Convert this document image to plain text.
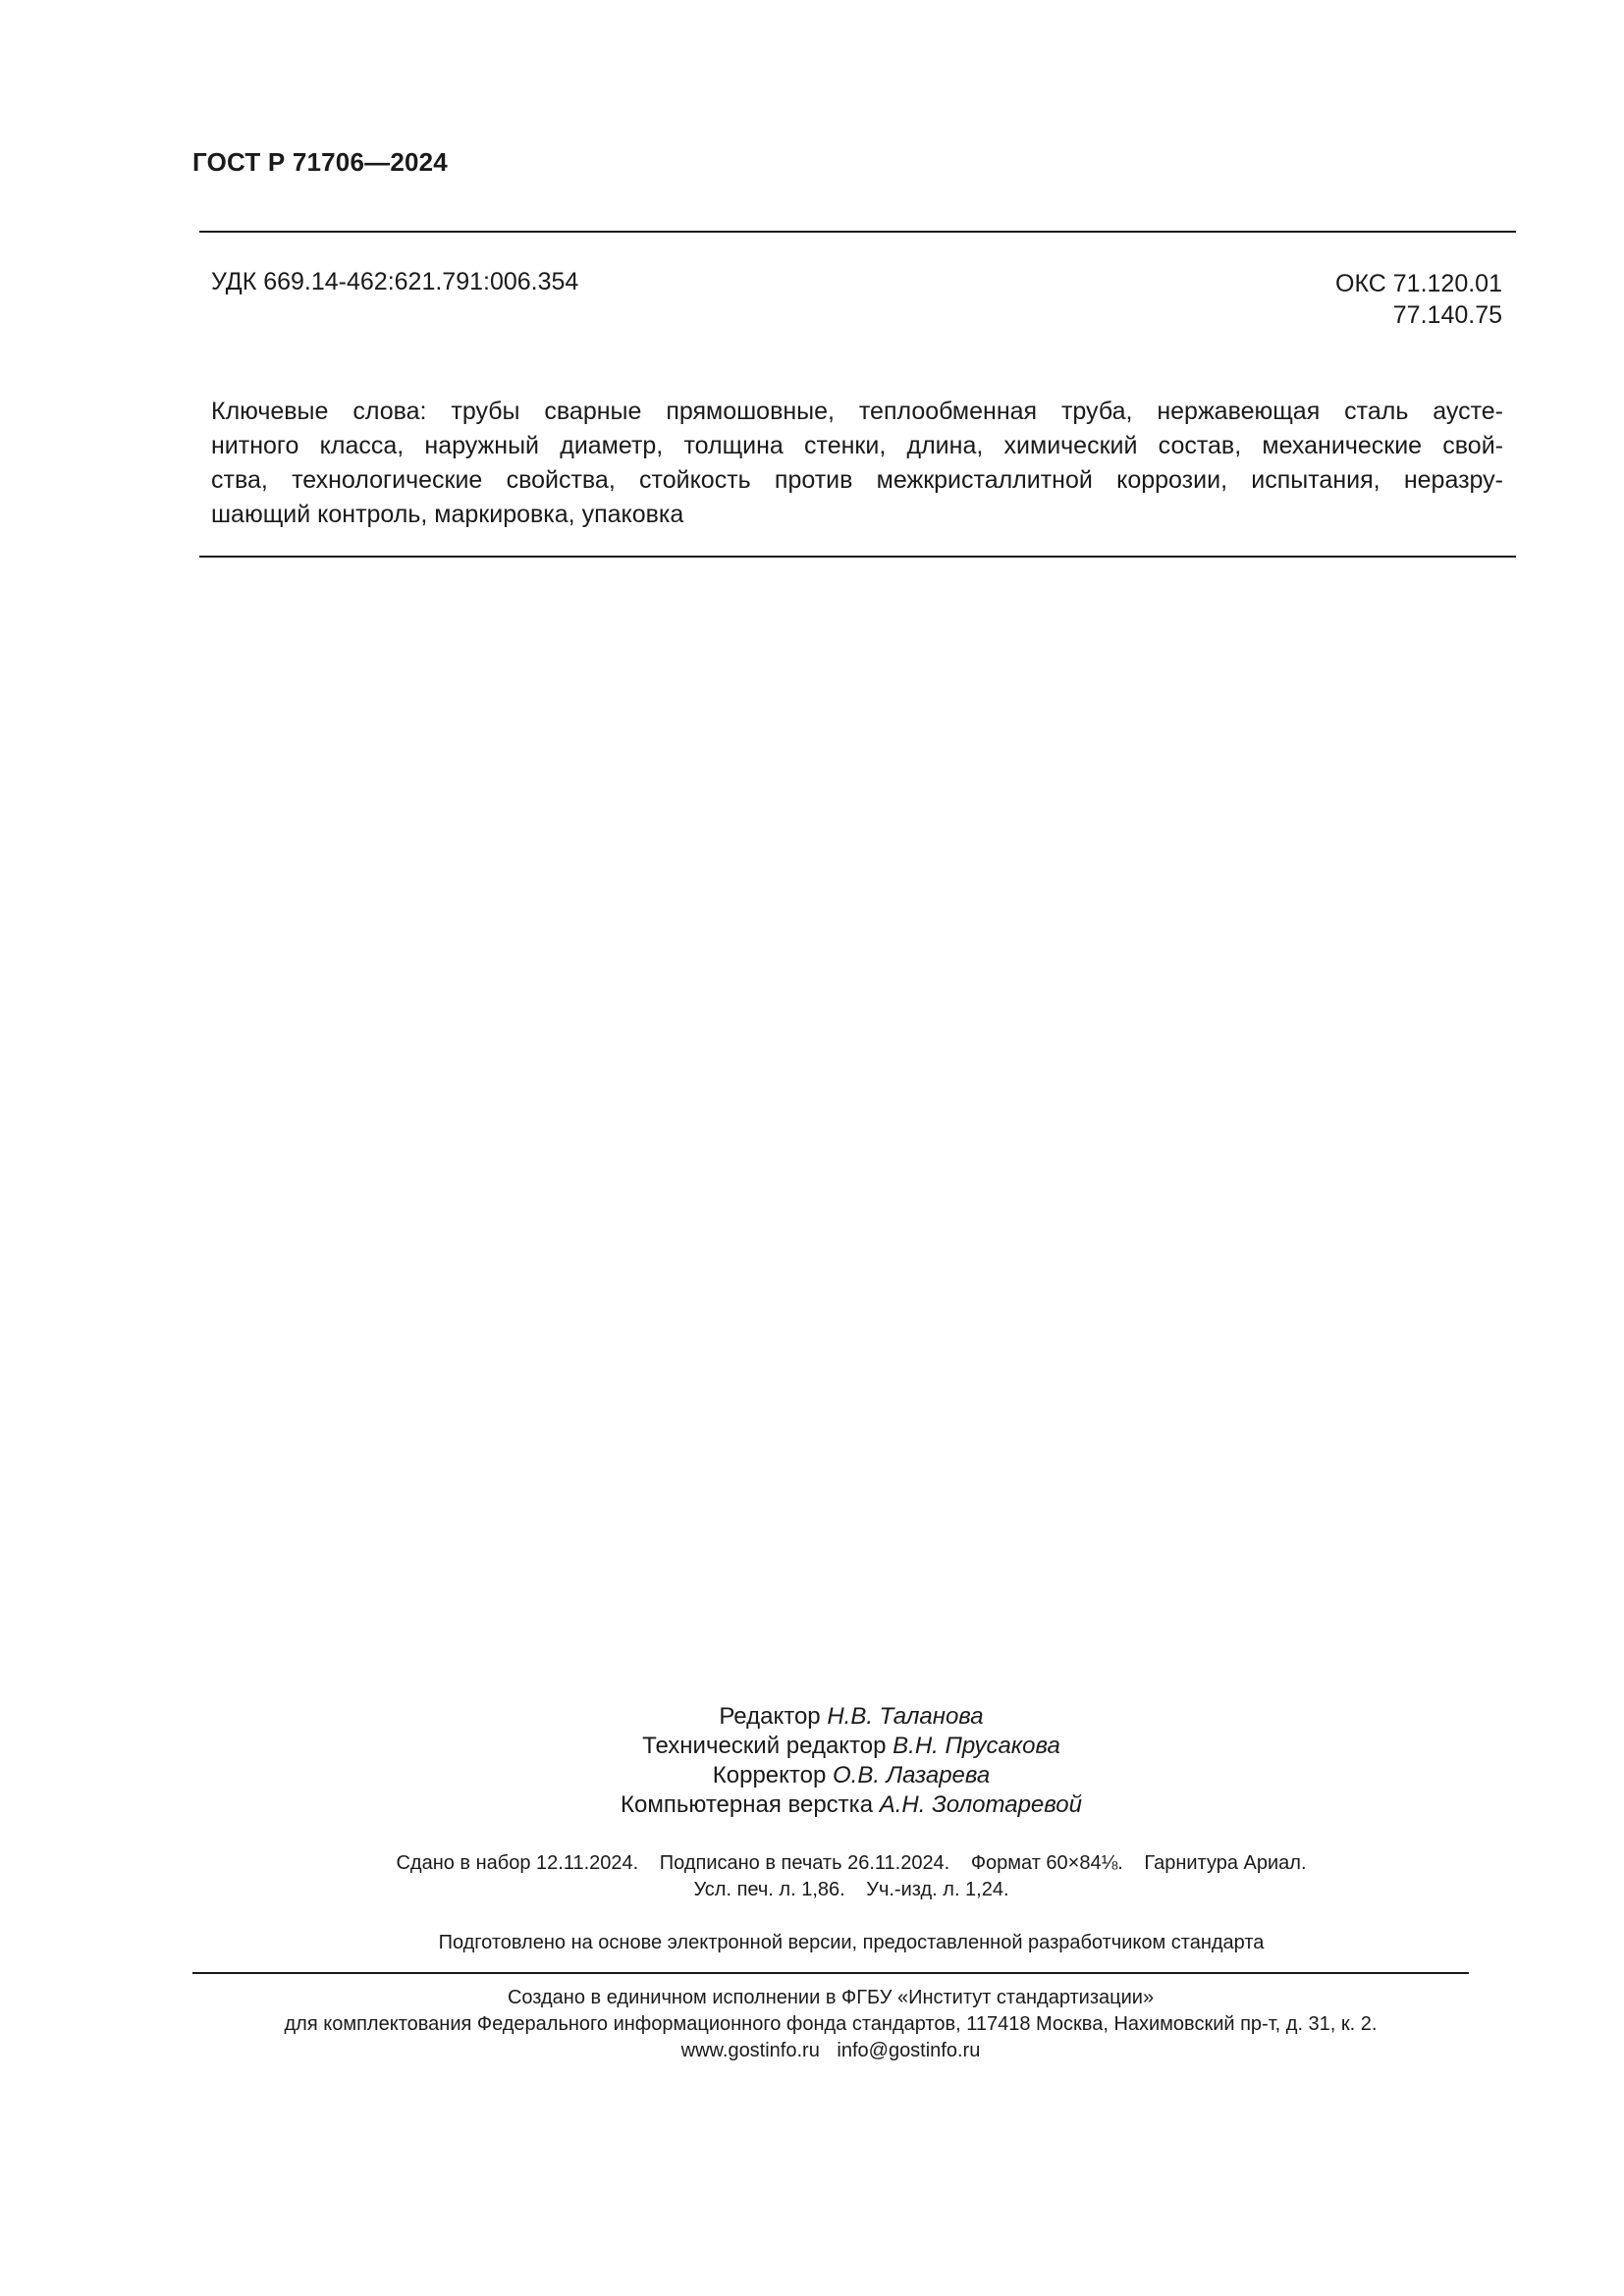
ГОСТ Р 71706—2024
УДК 669.14-462:621.791:006.354	ОКС 71.120.01
77.140.75
Ключевые слова: трубы сварные прямошовные, теплообменная труба, нержавеющая сталь аусте-
нитного класса, наружный диаметр, толщина стенки, длина, химический состав, механические свой-
ства, технологические свойства, стойкость против межкристаллитной коррозии, испытания, неразру-
шающий контроль, маркировка, упаковка
Редактор Н.В. Таланова
Технический редактор В.Н. Прусакова
Корректор О.В. Лазарева
Компьютерная верстка А.Н. Золотаревой
Сдано в набор 12.11.2024. Подписано в печать 26.11.2024. Формат 60×84⅛. Гарнитура Ариал.
Усл. печ. л. 1,86. Уч.-изд. л. 1,24.
Подготовлено на основе электронной версии, предоставленной разработчиком стандарта
Создано в единичном исполнении в ФГБУ «Институт стандартизации»
для комплектования Федерального информационного фонда стандартов, 117418 Москва, Нахимовский пр-т, д. 31, к. 2.
www.gostinfo.ru info@gostinfo.ru
